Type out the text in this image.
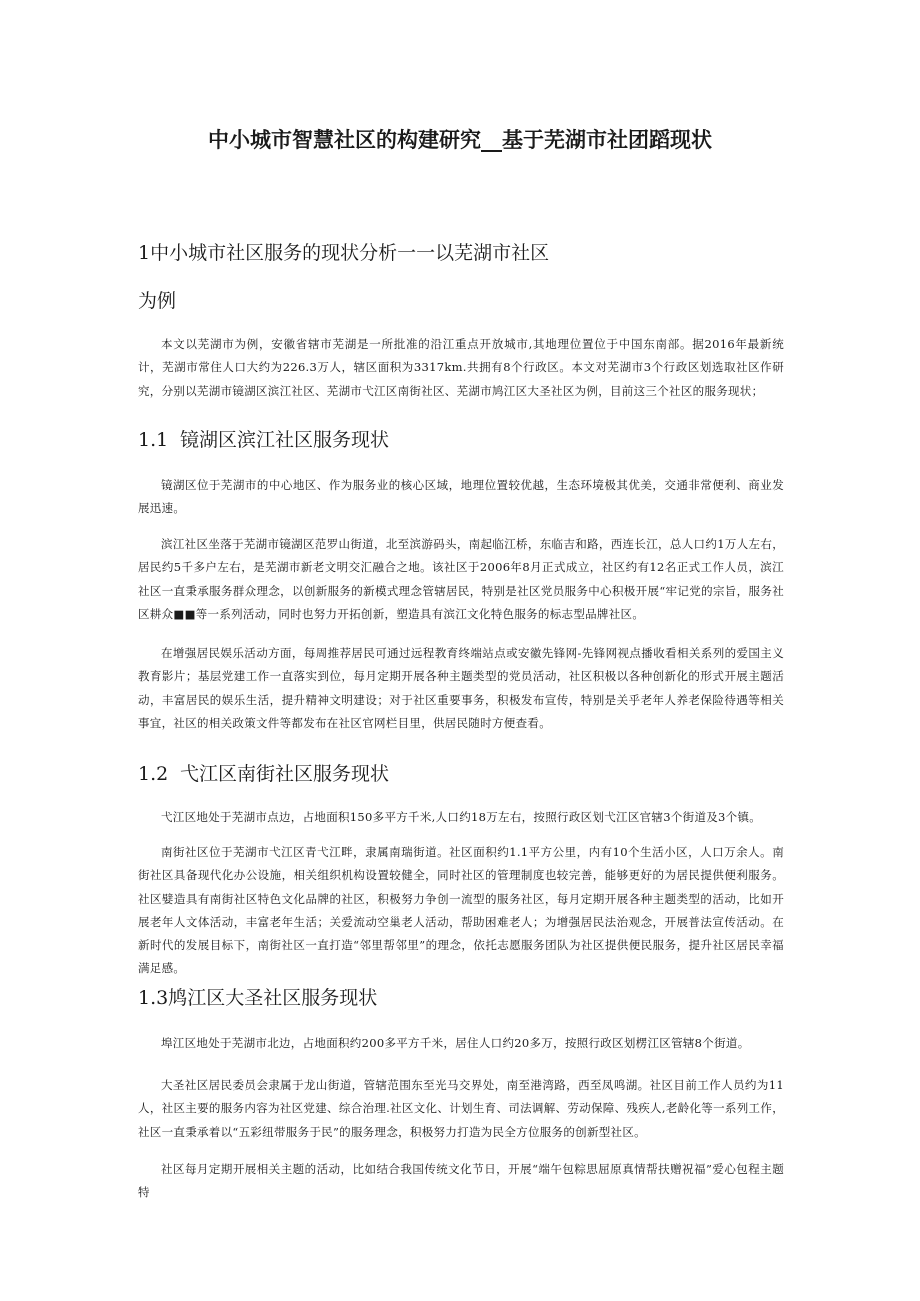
中小城市智慧社区的构建研究__基于芜湖市社团蹈现状
1中小城市社区服务的现状分析一一以芜湖市社区
为例

本文以芜湖市为例，安徽省辖市芜湖是一所批准的沿江重点开放城市,其地理位置位于中国东南部。据2016年最新统计，芜湖市常住人口大约为226.3万人，辖区面积为3317km.共拥有8个行政区。本文对芜湖市3个行政区划选取社区作研究，分别以芜湖市镜湖区滨江社区、芜湖市弋江区南街社区、芜湖市鸠江区大圣社区为例，目前这三个社区的服务现状；

1.1 镜湖区滨江社区服务现状

镜湖区位于芜湖市的中心地区、作为服务业的核心区域，地理位置较优越，生态环境极其优美，交通非常便利、商业发展迅速。

滨江社区坐落于芜湖市镜湖区范罗山街道，北至滨游码头，南起临江桥，东临吉和路，西连长江，总人口约1万人左右，居民约5千多户左右，是芜湖市新老文明交汇融合之地。该社区于2006年8月正式成立，社区约有12名正式工作人员，滨江社区一直秉承服务群众理念，以创新服务的新模式理念管辖居民，特别是社区党员服务中心积极开展“牢记党的宗旨，服务社区耕众■■等一系列活动，同时也努力开拓创新，塑造具有滨江文化特色服务的标志型品牌社区。

在增强居民娱乐活动方面，每周推荐居民可通过远程教育终端站点或安徽先锋网-先锋网视点播收看相关系列的爱国主义教育影片；基层党建工作一直落实到位，每月定期开展各种主题类型的党员活动，社区积极以各种创新化的形式开展主题活动，丰富居民的娱乐生活，提升精神文明建设；对于社区重要事务，积极发布宣传，特别是关乎老年人养老保险待遇等相关事宜，社区的相关政策文件等都发布在社区官网栏目里，供居民随时方便查看。

1.2 弋江区南街社区服务现状

弋江区地处于芜湖市点边，占地面积150多平方千米,人口约18万左右，按照行政区划弋江区官辖3个街道及3个镇。

南街社区位于芜湖市弋江区青弋江畔，隶属南瑞街道。社区面积约1.1平方公里，内有10个生活小区，人口万余人。南街社区具备现代化办公设施，相关组织机构设置较健全，同时社区的管理制度也较完善，能够更好的为居民提供便利服务。社区嬖造具有南街社区特色文化品牌的社区，积极努力争创一流型的服务社区，每月定期开展各种主题类型的活动，比如开展老年人文体活动，丰富老年生活；关爱流动空巢老人活动，帮助困难老人；为增强居民法治观念，开展普法宣传活动。在新时代的发展目标下，南街社区一直打造“邻里帮邻里”的理念，依托志愿服务团队为社区提供便民服务，提升社区居民幸福满足感。

1.3鸠江区大圣社区服务现状

埠江区地处于芜湖市北边，占地面积约200多平方千米，居住人口约20多万，按照行政区划楞江区管辖8个街道。

大圣社区居民委员会隶属于龙山街道，管辖范围东至光马交界处，南至港湾路，西至凤鸣湖。社区目前工作人员约为11人，社区主要的服务内容为社区党建、综合治理.社区文化、计划生育、司法调解、劳动保障、残疾人,老龄化等一系列工作，社区一直秉承着以“五彩纽带服务于民”的服务理念，积极努力打造为民全方位服务的创新型社区。

社区每月定期开展相关主题的活动，比如结合我国传统文化节日，开展“端午包粽思屈原真情帮扶赠祝福”爱心包程主题特
